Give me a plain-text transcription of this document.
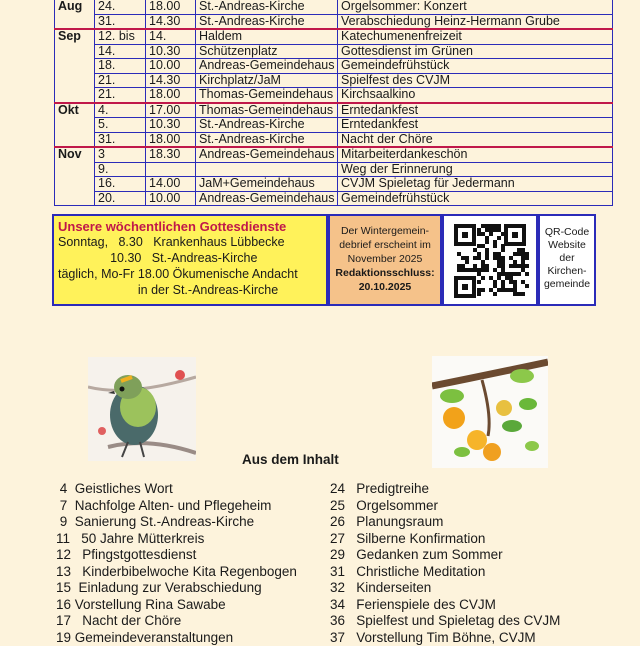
Aug	24.	18.00	St.-Andreas-Kirche	Orgelsommer: Konzert
	31.	14.30	St.-Andreas-Kirche	Verabschiedung Heinz-Hermann Grube
Sep	12. bis	14.	Haldem	Katechumenenfreizeit
	14.	10.30	Schützenplatz	Gottesdienst im Grünen
	18.	10.00	Andreas-Gemeindehaus	Gemeindefrühstück
	21.	14.30	Kirchplatz/JaM	Spielfest des CVJM
	21.	18.00	Thomas-Gemeindehaus	Kirchsaalkino
Okt	4.	17.00	Thomas-Gemeindehaus	Erntedankfest
	5.	10.30	St.-Andreas-Kirche	Erntedankfest
	31.	18.00	St.-Andreas-Kirche	Nacht der Chöre
Nov	3	18.30	Andreas-Gemeindehaus	Mitarbeiterdankeschön
	9.			Weg der Erinnerung
	16.	14.00	JaM+Gemeindehaus	CVJM Spieletag für Jedermann
	20.	10.00	Andreas-Gemeindehaus	Gemeindefrühstück
Unsere wöchentlichen Gottesdienste
Sonntag,   8.30   Krankenhaus Lübbecke
10.30   St.-Andreas-Kirche
täglich, Mo-Fr 18.00 Ökumenische Andacht
in der St.-Andreas-Kirche
Der Wintergemein-
debrief erscheint im
November 2025
Redaktionsschluss:
20.10.2025
QR-Code
Website
der
Kirchen-
gemeinde
Aus dem Inhalt
4  Geistliches Wort
7  Nachfolge Alten- und Pflegeheim
9  Sanierung St.-Andreas-Kirche
11   50 Jahre Mütterkreis
12   Pfingstgottesdienst
13   Kinderbibelwoche Kita Regenbogen
15  Einladung zur Verabschiedung
16 Vorstellung Rina Sawabe
17   Nacht der Chöre
19 Gemeindeveranstaltungen
24   Predigtreihe
25   Orgelsommer
26   Planungsraum
27   Silberne Konfirmation
29   Gedanken zum Sommer
31   Christliche Meditation
32   Kinderseiten
34   Ferienspiele des CVJM
36   Spielfest und Spieletag des CVJM
37   Vorstellung Tim Böhne, CVJM
